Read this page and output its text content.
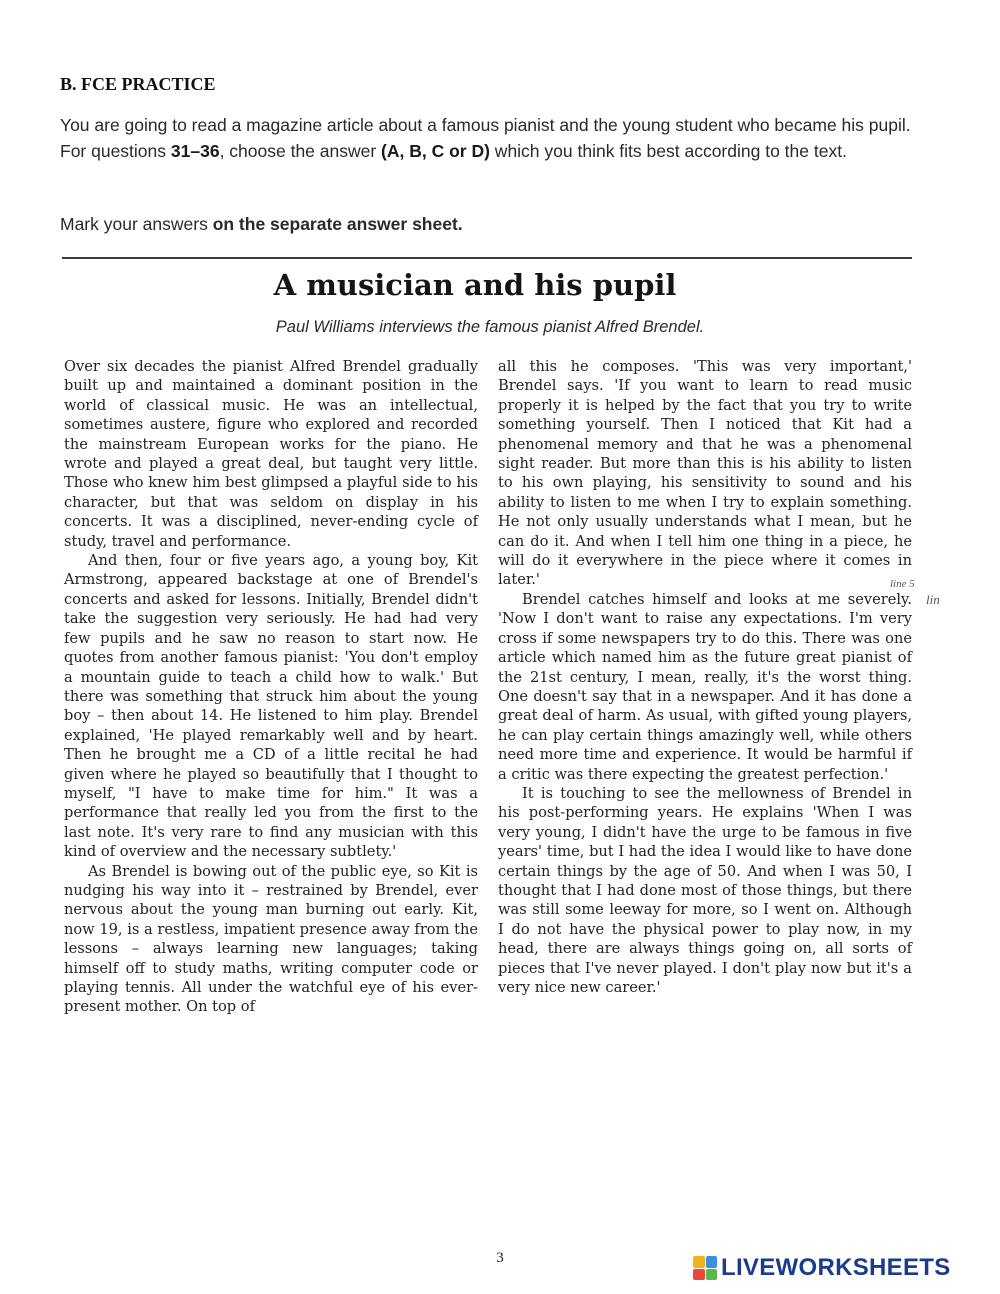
B. FCE PRACTICE
You are going to read a magazine article about a famous pianist and the young student who became his pupil. For questions 31–36, choose the answer (A, B, C or D) which you think fits best according to the text.
Mark your answers on the separate answer sheet.
A musician and his pupil
Paul Williams interviews the famous pianist Alfred Brendel.

Over six decades the pianist Alfred Brendel gradually built up and maintained a dominant position in the world of classical music. He was an intellectual, sometimes austere, figure who explored and recorded the mainstream European works for the piano. He wrote and played a great deal, but taught very little. Those who knew him best glimpsed a playful side to his character, but that was seldom on display in his concerts. It was a disciplined, never-ending cycle of study, travel and performance.

And then, four or five years ago, a young boy, Kit Armstrong, appeared backstage at one of Brendel's concerts and asked for lessons. Initially, Brendel didn't take the suggestion very seriously. He had had very few pupils and he saw no reason to start now. He quotes from another famous pianist: 'You don't employ a mountain guide to teach a child how to walk.' But there was something that struck him about the young boy – then about 14. He listened to him play. Brendel explained, 'He played remarkably well and by heart. Then he brought me a CD of a little recital he had given where he played so beautifully that I thought to myself, "I have to make time for him." It was a performance that really led you from the first to the last note. It's very rare to find any musician with this kind of overview and the necessary subtlety.'

As Brendel is bowing out of the public eye, so Kit is nudging his way into it – restrained by Brendel, ever nervous about the young man burning out early. Kit, now 19, is a restless, impatient presence away from the lessons – always learning new languages; taking himself off to study maths, writing computer code or playing tennis. All under the watchful eye of his ever-present mother. On top of

all this he composes. 'This was very important,' Brendel says. 'If you want to learn to read music properly it is helped by the fact that you try to write something yourself. Then I noticed that Kit had a phenomenal memory and that he was a phenomenal sight reader. But more than this is his ability to listen to his own playing, his sensitivity to sound and his ability to listen to me when I try to explain something. He not only usually understands what I mean, but he can do it. And when I tell him one thing in a piece, he will do it everywhere in the piece where it comes in later.'

Brendel catches himself and looks at me severely. 'Now I don't want to raise any expectations. I'm very cross if some newspapers try to do this. There was one article which named him as the future great pianist of the 21st century, I mean, really, it's the worst thing. One doesn't say that in a newspaper. And it has done a great deal of harm. As usual, with gifted young players, he can play certain things amazingly well, while others need more time and experience. It would be harmful if a critic was there expecting the greatest perfection.'

It is touching to see the mellowness of Brendel in his post-performing years. He explains 'When I was very young, I didn't have the urge to be famous in five years' time, but I had the idea I would like to have done certain things by the age of 50. And when I was 50, I thought that I had done most of those things, but there was still some leeway for more, so I went on. Although I do not have the physical power to play now, in my head, there are always things going on, all sorts of pieces that I've never played. I don't play now but it's a very nice new career.'

line 5
lin
3	LIVEWORKSHEETS
